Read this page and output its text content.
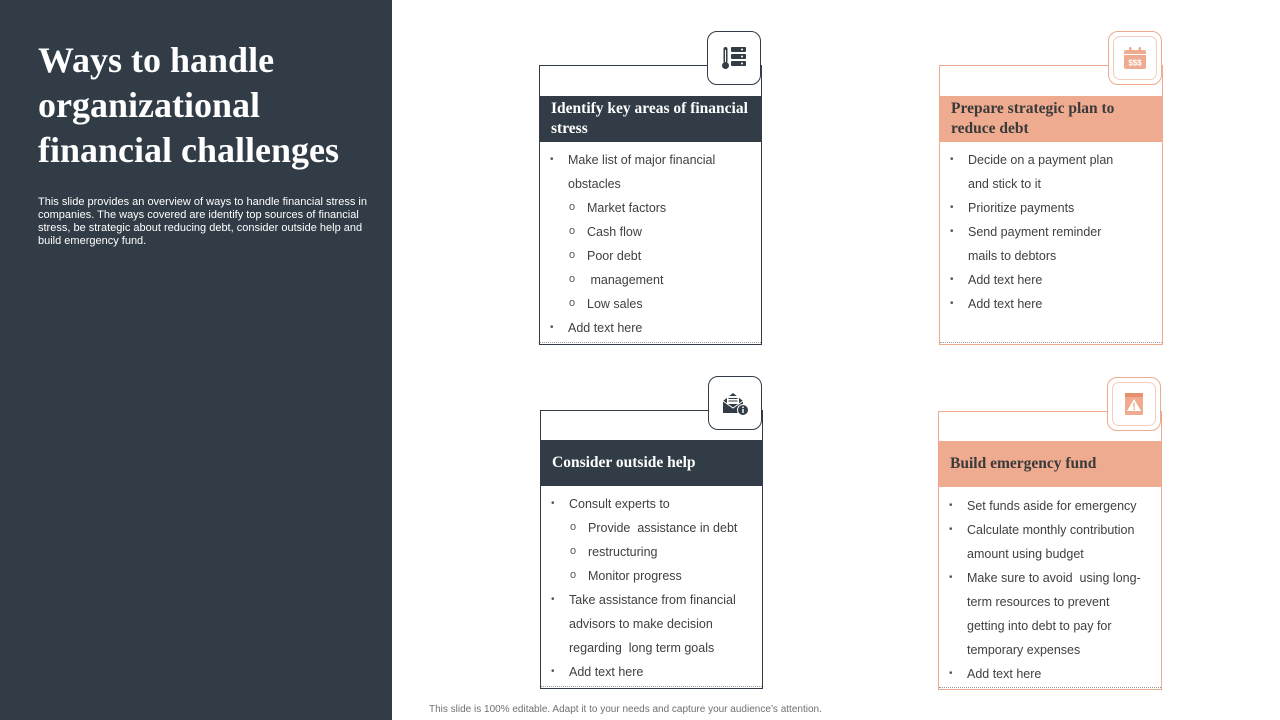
Ways to handle organizational financial challenges

This slide provides an overview of ways to handle financial stress in companies. The ways covered are identify top sources of financial stress, be strategic about reducing debt, consider outside help and build emergency fund.

Identify key areas of financial stress
• Make list of major financial
obstacles
o Market factors
o Cash flow
o Poor debt
o  management
o Low sales
• Add text here
Prepare strategic plan to reduce debt
• Decide on a payment plan
and stick to it
• Prioritize payments
• Send payment reminder
mails to debtors
• Add text here
• Add text here
$$$
Consider outside help
• Consult experts to
o Provide  assistance in debt
o restructuring
o Monitor progress
• Take assistance from financial
advisors to make decision
regarding  long term goals
• Add text here
Build emergency fund
• Set funds aside for emergency
• Calculate monthly contribution
amount using budget
• Make sure to avoid  using long-
term resources to prevent
getting into debt to pay for
temporary expenses
• Add text here

This slide is 100% editable. Adapt it to your needs and capture your audience’s attention.
